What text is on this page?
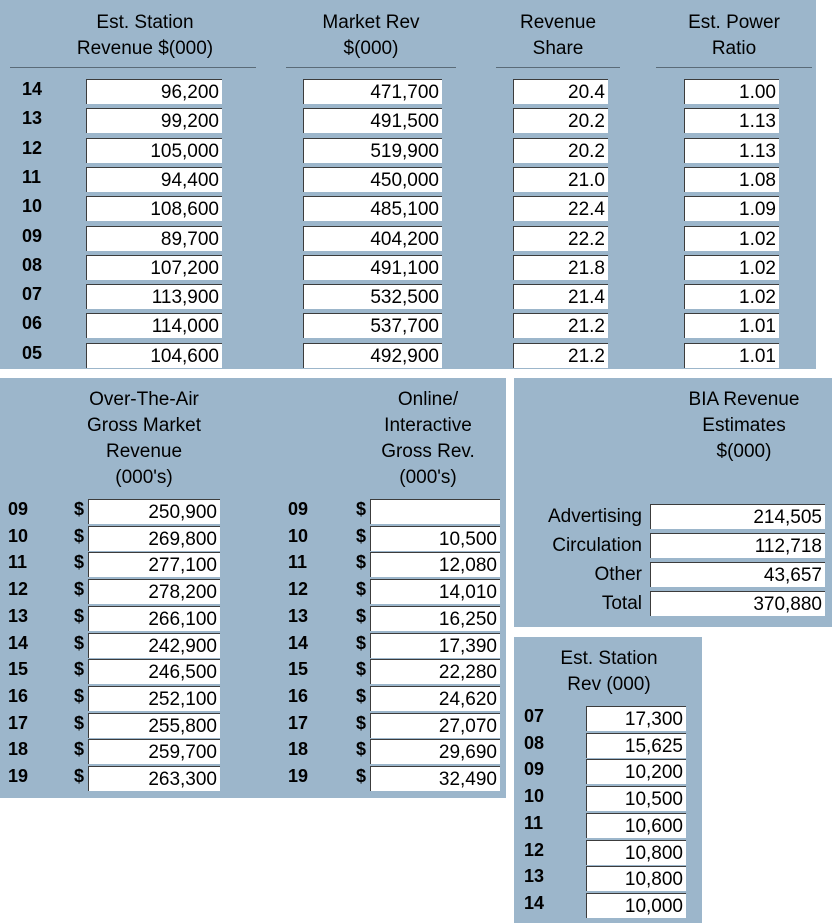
Est. Station
Revenue $(000)
Market Rev
$(000)
Revenue
Share
Est. Power
Ratio
14	96,200	471,700	20.4	1.00
13	99,200	491,500	20.2	1.13
12	105,000	519,900	20.2	1.13
11	94,400	450,000	21.0	1.08
10	108,600	485,100	22.4	1.09
09	89,700	404,200	22.2	1.02
08	107,200	491,100	21.8	1.02
07	113,900	532,500	21.4	1.02
06	114,000	537,700	21.2	1.01
05	104,600	492,900	21.2	1.01
Over-The-Air
Gross Market
Revenue
(000's)
Online/
Interactive
Gross Rev.
(000's)
09	$	250,900
10	$	269,800
11	$	277,100
12	$	278,200
13	$	266,100
14	$	242,900
15	$	246,500
16	$	252,100
17	$	255,800
18	$	259,700
19	$	263,300
09	$
10	$	10,500
11	$	12,080
12	$	14,010
13	$	16,250
14	$	17,390
15	$	22,280
16	$	24,620
17	$	27,070
18	$	29,690
19	$	32,490
BIA Revenue
Estimates
$(000)
Advertising	214,505
Circulation	112,718
Other	43,657
Total	370,880
Est. Station
Rev (000)
07	17,300
08	15,625
09	10,200
10	10,500
11	10,600
12	10,800
13	10,800
14	10,000
